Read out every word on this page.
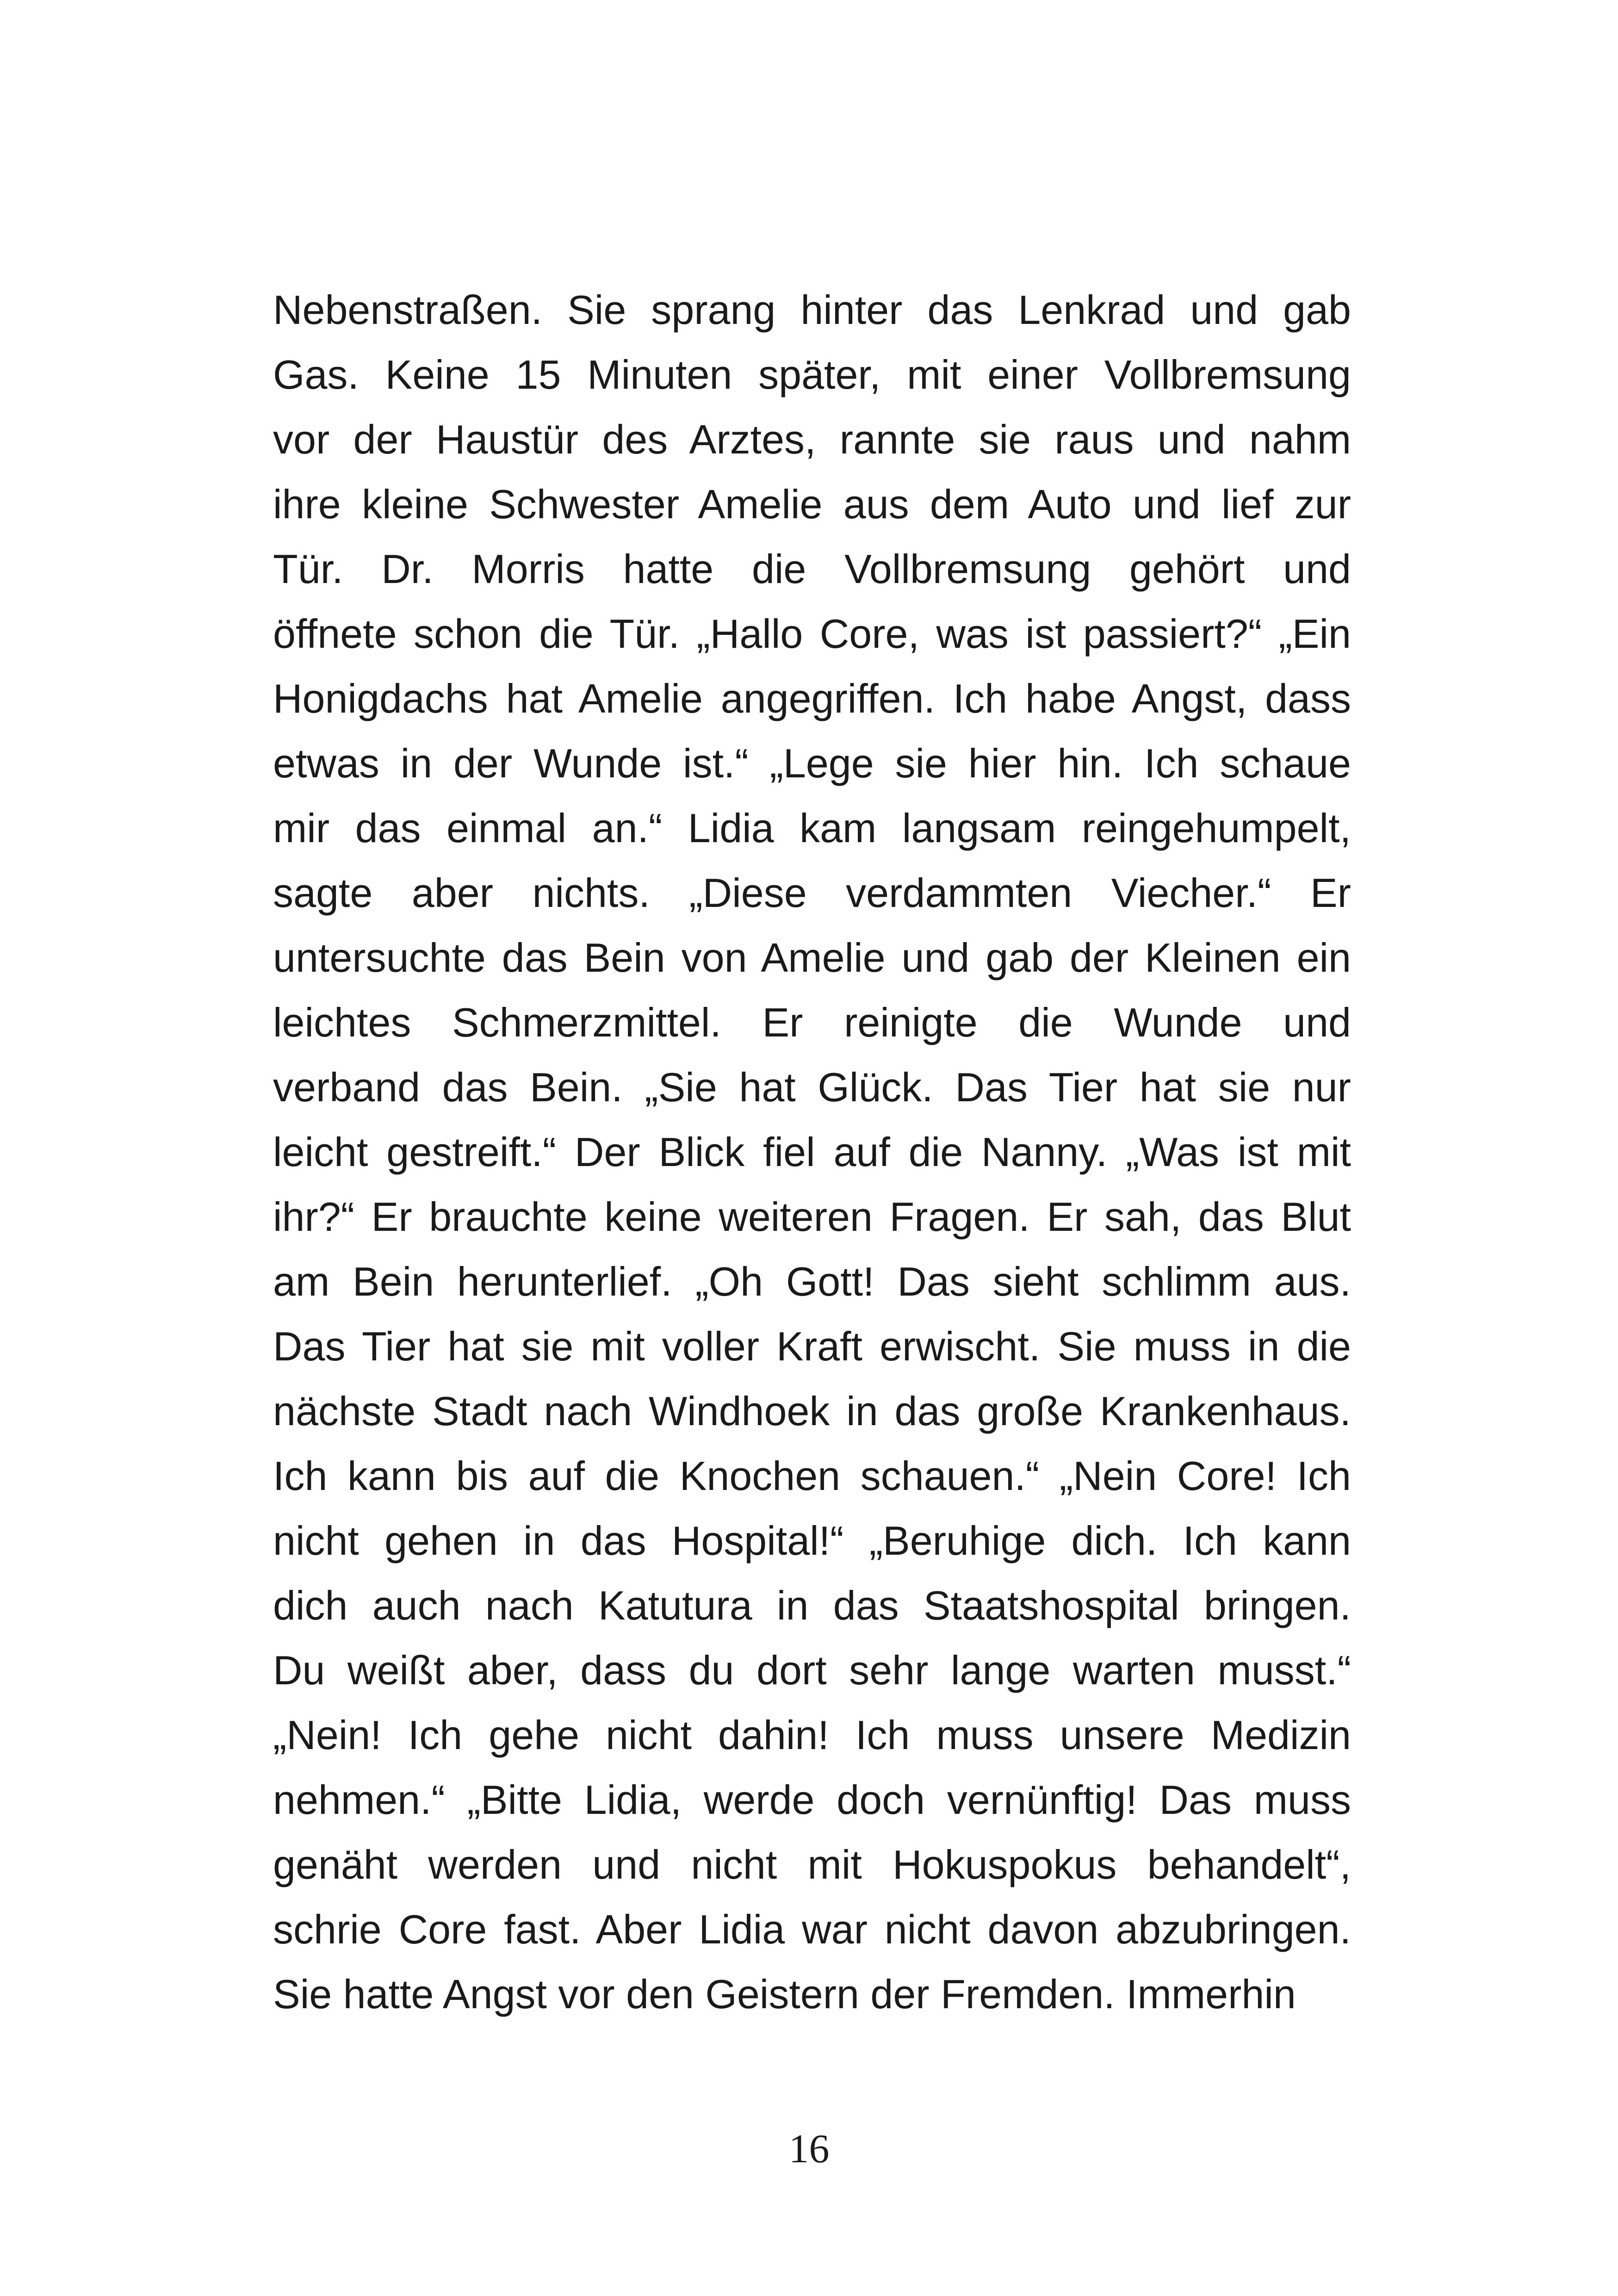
Nebenstraßen. Sie sprang hinter das Lenkrad und gab
Gas. Keine 15 Minuten später, mit einer Vollbremsung
vor der Haustür des Arztes, rannte sie raus und nahm
ihre kleine Schwester Amelie aus dem Auto und lief zur
Tür. Dr. Morris hatte die Vollbremsung gehört und
öffnete schon die Tür. „Hallo Core, was ist passiert?“ „Ein
Honigdachs hat Amelie angegriffen. Ich habe Angst, dass
etwas in der Wunde ist.“ „Lege sie hier hin. Ich schaue
mir das einmal an.“ Lidia kam langsam reingehumpelt,
sagte aber nichts. „Diese verdammten Viecher.“ Er
untersuchte das Bein von Amelie und gab der Kleinen ein
leichtes Schmerzmittel. Er reinigte die Wunde und
verband das Bein. „Sie hat Glück. Das Tier hat sie nur
leicht gestreift.“ Der Blick fiel auf die Nanny. „Was ist mit
ihr?“ Er brauchte keine weiteren Fragen. Er sah, das Blut
am Bein herunterlief. „Oh Gott! Das sieht schlimm aus.
Das Tier hat sie mit voller Kraft erwischt. Sie muss in die
nächste Stadt nach Windhoek in das große Krankenhaus.
Ich kann bis auf die Knochen schauen.“ „Nein Core! Ich
nicht gehen in das Hospital!“ „Beruhige dich. Ich kann
dich auch nach Katutura in das Staatshospital bringen.
Du weißt aber, dass du dort sehr lange warten musst.“
„Nein! Ich gehe nicht dahin! Ich muss unsere Medizin
nehmen.“ „Bitte Lidia, werde doch vernünftig! Das muss
genäht werden und nicht mit Hokuspokus behandelt“,
schrie Core fast. Aber Lidia war nicht davon abzubringen.
Sie hatte Angst vor den Geistern der Fremden. Immerhin
16
